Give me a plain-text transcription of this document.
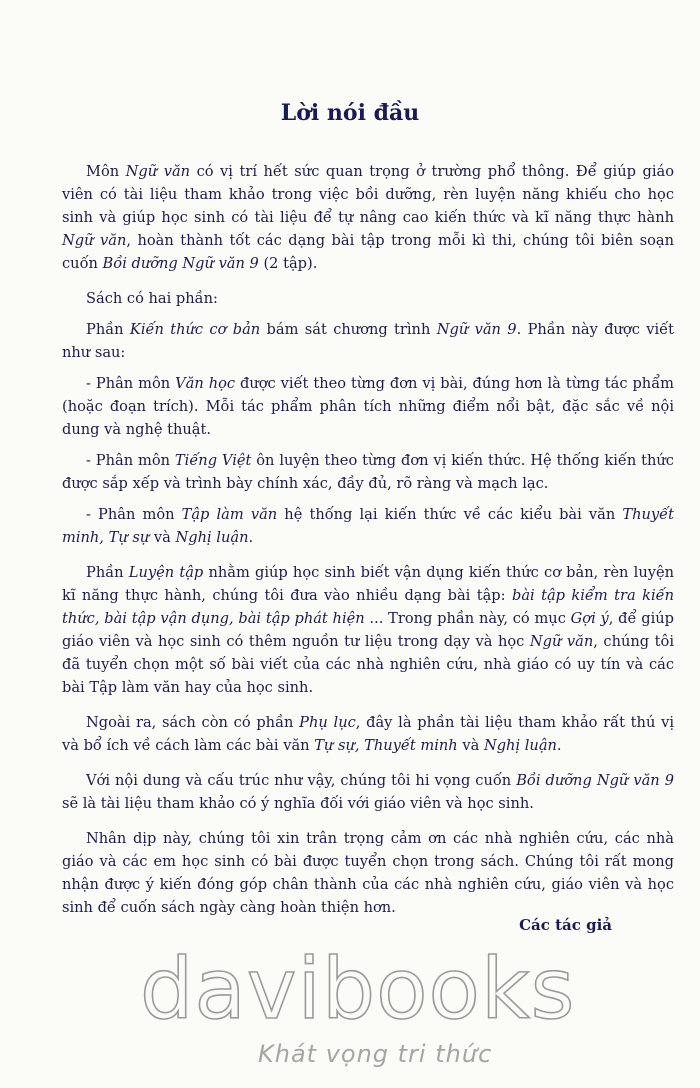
Lời nói đầu

Môn Ngữ văn có vị trí hết sức quan trọng ở trường phổ thông. Để giúp giáo viên có tài liệu tham khảo trong việc bồi dưỡng, rèn luyện năng khiếu cho học sinh và giúp học sinh có tài liệu để tự nâng cao kiến thức và kĩ năng thực hành Ngữ văn, hoàn thành tốt các dạng bài tập trong mỗi kì thi, chúng tôi biên soạn cuốn Bồi dưỡng Ngữ văn 9 (2 tập).

Sách có hai phần:

Phần Kiến thức cơ bản bám sát chương trình Ngữ văn 9. Phần này được viết như sau:

- Phân môn Văn học được viết theo từng đơn vị bài, đúng hơn là từng tác phẩm (hoặc đoạn trích). Mỗi tác phẩm phân tích những điểm nổi bật, đặc sắc về nội dung và nghệ thuật.

- Phân môn Tiếng Việt ôn luyện theo từng đơn vị kiến thức. Hệ thống kiến thức được sắp xếp và trình bày chính xác, đầy đủ, rõ ràng và mạch lạc.

- Phân môn Tập làm văn hệ thống lại kiến thức về các kiểu bài văn Thuyết minh, Tự sự và Nghị luận.

Phần Luyện tập nhằm giúp học sinh biết vận dụng kiến thức cơ bản, rèn luyện kĩ năng thực hành, chúng tôi đưa vào nhiều dạng bài tập: bài tập kiểm tra kiến thức, bài tập vận dụng, bài tập phát hiện ... Trong phần này, có mục Gợi ý, để giúp giáo viên và học sinh có thêm nguồn tư liệu trong dạy và học Ngữ văn, chúng tôi đã tuyển chọn một số bài viết của các nhà nghiên cứu, nhà giáo có uy tín và các bài Tập làm văn hay của học sinh.

Ngoài ra, sách còn có phần Phụ lục, đây là phần tài liệu tham khảo rất thú vị và bổ ích về cách làm các bài văn Tự sự, Thuyết minh và Nghị luận.

Với nội dung và cấu trúc như vậy, chúng tôi hi vọng cuốn Bồi dưỡng Ngữ văn 9 sẽ là tài liệu tham khảo có ý nghĩa đối với giáo viên và học sinh.

Nhân dịp này, chúng tôi xin trân trọng cảm ơn các nhà nghiên cứu, các nhà giáo và các em học sinh có bài được tuyển chọn trong sách. Chúng tôi rất mong nhận được ý kiến đóng góp chân thành của các nhà nghiên cứu, giáo viên và học sinh để cuốn sách ngày càng hoàn thiện hơn.

Các tác giả
davibooks
Khát vọng tri thức
